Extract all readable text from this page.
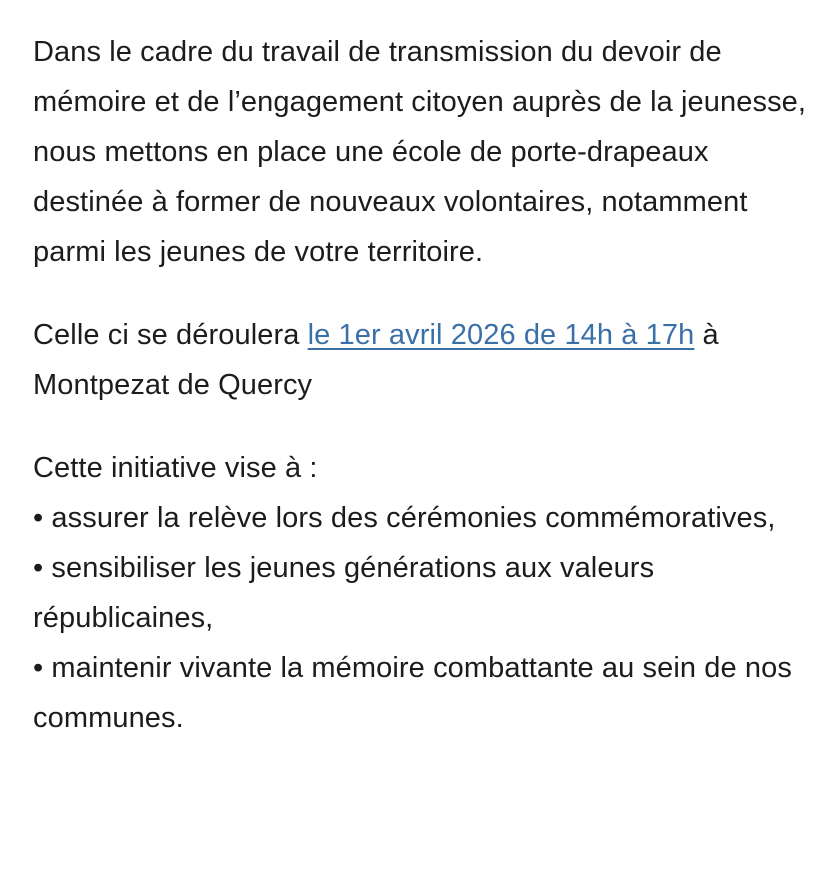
Dans le cadre du travail de transmission du devoir de mémoire et de l’engagement citoyen auprès de la jeunesse, nous mettons en place une école de porte-drapeaux destinée à former de nouveaux volontaires, notamment parmi les jeunes de votre territoire.

Celle ci se déroulera le 1er avril 2026 de 14h à 17h à Montpezat de Quercy

Cette initiative vise à :

• assurer la relève lors des cérémonies commémoratives,
• sensibiliser les jeunes générations aux valeurs républicaines,
• maintenir vivante la mémoire combattante au sein de nos communes.
